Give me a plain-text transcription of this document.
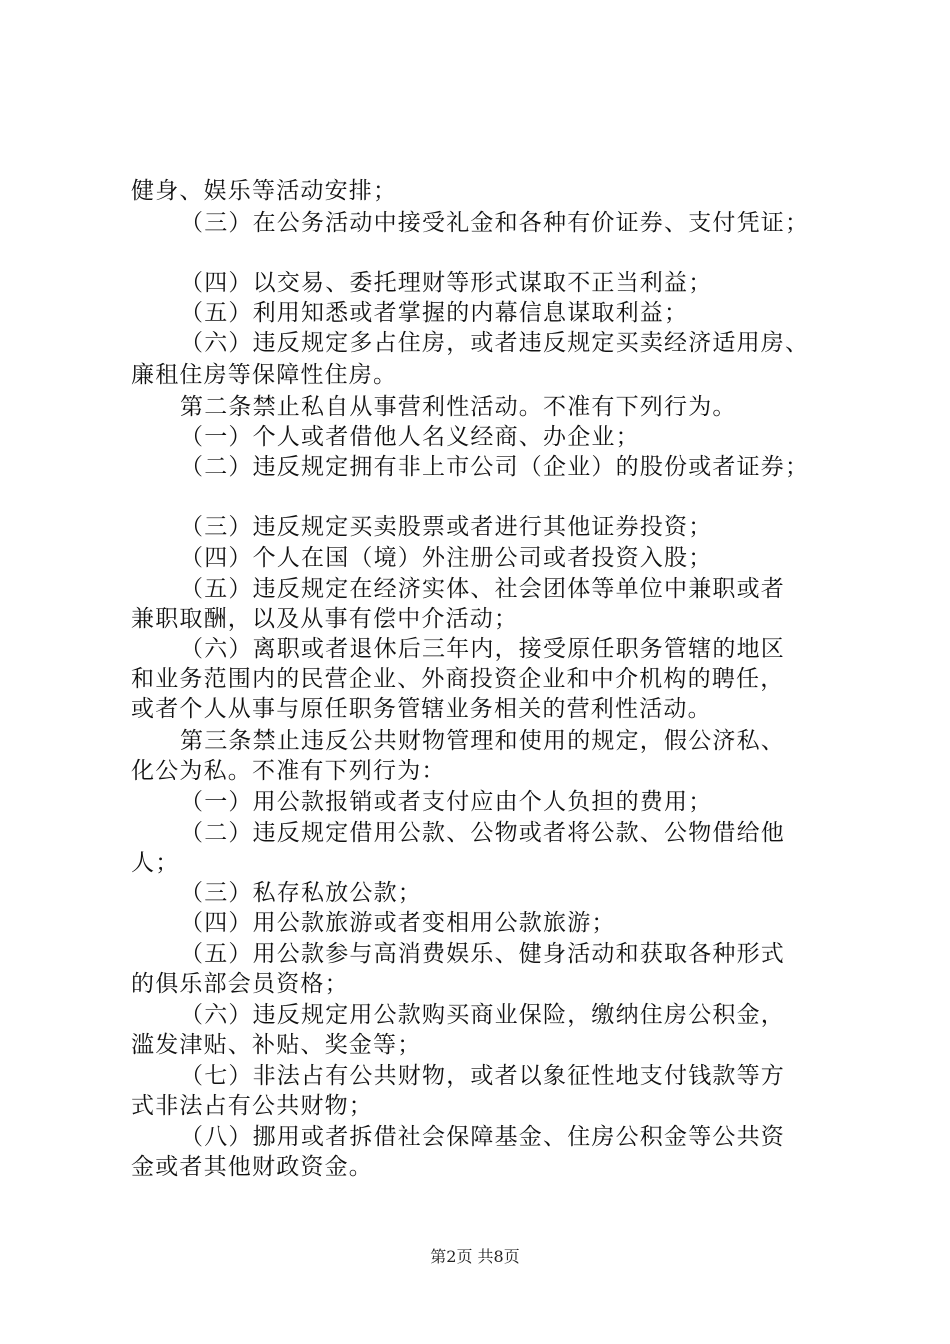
健身、娱乐等活动安排；
（三）在公务活动中接受礼金和各种有价证券、支付凭证；
（四）以交易、委托理财等形式谋取不正当利益；
（五）利用知悉或者掌握的内幕信息谋取利益；
（六）违反规定多占住房，或者违反规定买卖经济适用房、
廉租住房等保障性住房。
第二条禁止私自从事营利性活动。不准有下列行为。
（一）个人或者借他人名义经商、办企业；
（二）违反规定拥有非上市公司（企业）的股份或者证券；
（三）违反规定买卖股票或者进行其他证券投资；
（四）个人在国（境）外注册公司或者投资入股；
（五）违反规定在经济实体、社会团体等单位中兼职或者
兼职取酬，以及从事有偿中介活动；
（六）离职或者退休后三年内，接受原任职务管辖的地区
和业务范围内的民营企业、外商投资企业和中介机构的聘任，
或者个人从事与原任职务管辖业务相关的营利性活动。
第三条禁止违反公共财物管理和使用的规定，假公济私、
化公为私。不准有下列行为：
（一）用公款报销或者支付应由个人负担的费用；
（二）违反规定借用公款、公物或者将公款、公物借给他
人；
（三）私存私放公款；
（四）用公款旅游或者变相用公款旅游；
（五）用公款参与高消费娱乐、健身活动和获取各种形式
的俱乐部会员资格；
（六）违反规定用公款购买商业保险，缴纳住房公积金，
滥发津贴、补贴、奖金等；
（七）非法占有公共财物，或者以象征性地支付钱款等方
式非法占有公共财物；
（八）挪用或者拆借社会保障基金、住房公积金等公共资
金或者其他财政资金。
第2页 共8页
